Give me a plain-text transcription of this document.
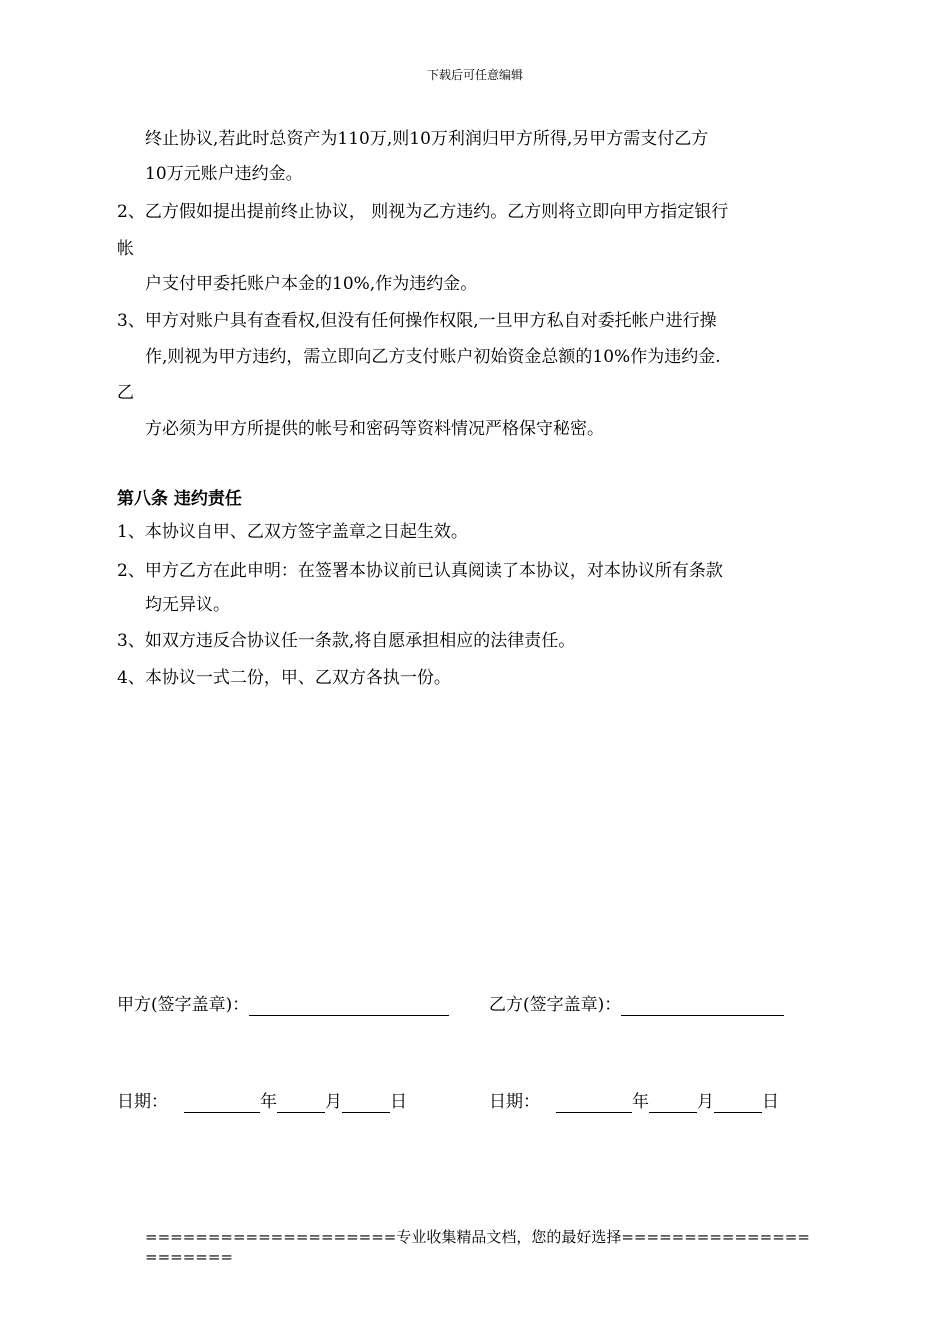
下载后可任意编辑
终止协议,若此时总资产为110万,则10万利润归甲方所得,另甲方需支付乙方
10万元账户违约金。
2、乙方假如提出提前终止协议， 则视为乙方违约。乙方则将立即向甲方指定银行
帐
户支付甲委托账户本金的10%,作为违约金。
3、甲方对账户具有查看权,但没有任何操作权限,一旦甲方私自对委托帐户进行操
作,则视为甲方违约，需立即向乙方支付账户初始资金总额的10%作为违约金.
乙
方必须为甲方所提供的帐号和密码等资料情况严格保守秘密。
第八条 违约责任
1、本协议自甲、乙双方签字盖章之日起生效。
2、甲方乙方在此申明：在签署本协议前已认真阅读了本协议，对本协议所有条款
均无异议。
3、如双方违反合协议任一条款,将自愿承担相应的法律责任。
4、本协议一式二份，甲、乙双方各执一份。
甲方(签字盖章)：	乙方(签字盖章)：
日期：	年	月	日	日期：	年	月	日
====================专业收集精品文档，您的最好选择======================
